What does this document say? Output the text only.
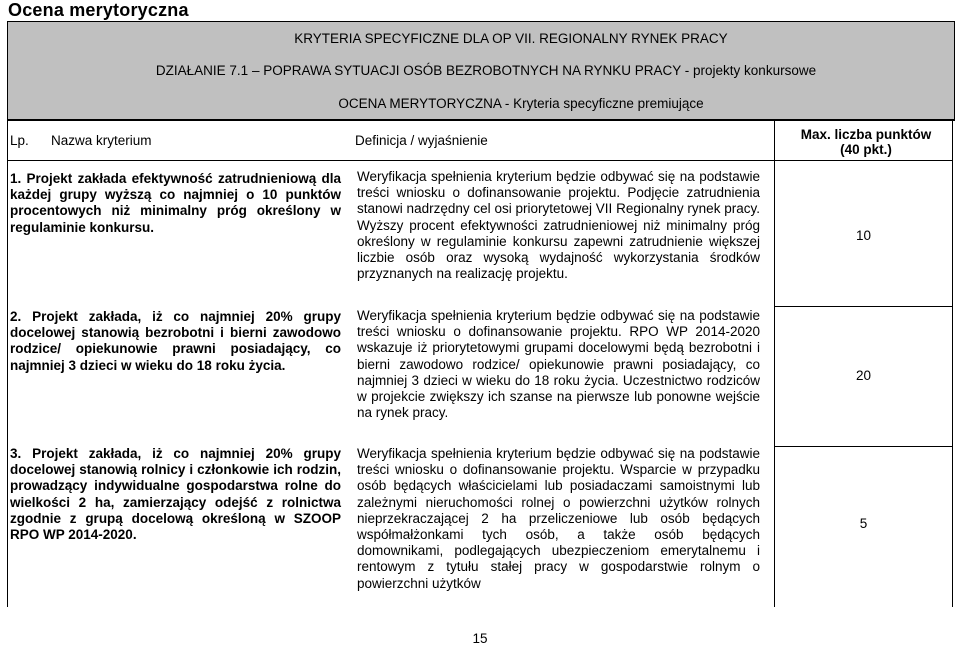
Ocena merytoryczna
KRYTERIA SPECYFICZNE DLA OP VII. REGIONALNY RYNEK PRACY
DZIAŁANIE 7.1 – POPRAWA SYTUACJI OSÓB BEZROBOTNYCH NA RYNKU PRACY - projekty konkursowe
OCENA MERYTORYCZNA - Kryteria specyficzne premiujące
Lp. Nazwa kryterium	Definicja / wyjaśnienie	Max. liczba punktów
(40 pkt.)
1. Projekt zakłada efektywność zatrudnieniową dla każdej grupy wyższą co najmniej o 10 punktów procentowych niż minimalny próg określony w regulaminie konkursu.
Weryfikacja spełnienia kryterium będzie odbywać się na podstawie treści wniosku o dofinansowanie projektu. Podjęcie zatrudnienia stanowi nadrzędny cel osi priorytetowej VII Regionalny rynek pracy. Wyższy procent efektywności zatrudnieniowej niż minimalny próg określony w regulaminie konkursu zapewni zatrudnienie większej liczbie osób oraz wysoką wydajność wykorzystania środków przyznanych na realizację projektu.
10
2. Projekt zakłada, iż co najmniej 20% grupy docelowej stanowią bezrobotni i bierni zawodowo rodzice/ opiekunowie prawni posiadający, co najmniej 3 dzieci w wieku do 18 roku życia.
Weryfikacja spełnienia kryterium będzie odbywać się na podstawie treści wniosku o dofinansowanie projektu. RPO WP 2014-2020 wskazuje iż priorytetowymi grupami docelowymi będą bezrobotni i bierni zawodowo rodzice/ opiekunowie prawni posiadający, co najmniej 3 dzieci w wieku do 18 roku życia. Uczestnictwo rodziców w projekcie zwiększy ich szanse na pierwsze lub ponowne wejście na rynek pracy.
20
3. Projekt zakłada, iż co najmniej 20% grupy docelowej stanowią rolnicy i członkowie ich rodzin, prowadzący indywidualne gospodarstwa rolne do wielkości 2 ha, zamierzający odejść z rolnictwa zgodnie z grupą docelową określoną w SZOOP RPO WP 2014-2020.
Weryfikacja spełnienia kryterium będzie odbywać się na podstawie treści wniosku o dofinansowanie projektu. Wsparcie w przypadku osób będących właścicielami lub posiadaczami samoistnymi lub zależnymi nieruchomości rolnej o powierzchni użytków rolnych nieprzekraczającej 2 ha przeliczeniowe lub osób będących współmałżonkami tych osób, a także osób będących domownikami, podlegających ubezpieczeniom emerytalnemu i rentowym z tytułu stałej pracy w gospodarstwie rolnym o powierzchni użytków
5
15
